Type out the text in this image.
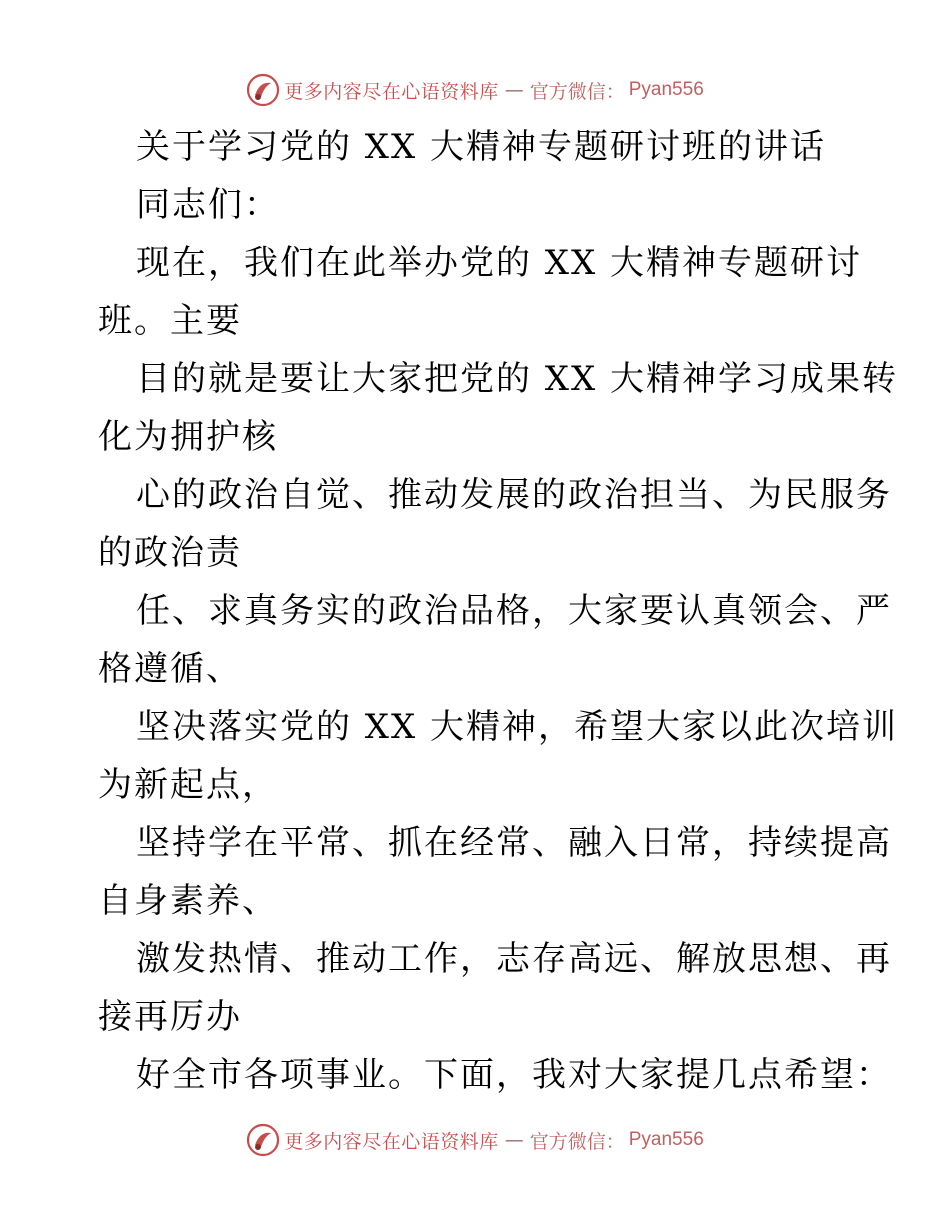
更多内容尽在心语资料库 — 官方微信： Pyan556
关于学习党的 XX 大精神专题研讨班的讲话
同志们：
现在，我们在此举办党的 XX 大精神专题研讨
班。主要
目的就是要让大家把党的 XX 大精神学习成果转
化为拥护核
心的政治自觉、推动发展的政治担当、为民服务
的政治责
任、求真务实的政治品格，大家要认真领会、严
格遵循、
坚决落实党的 XX 大精神，希望大家以此次培训
为新起点，
坚持学在平常、抓在经常、融入日常，持续提高
自身素养、
激发热情、推动工作，志存高远、解放思想、再
接再厉办
好全市各项事业。下面，我对大家提几点希望：
更多内容尽在心语资料库 — 官方微信： Pyan556
